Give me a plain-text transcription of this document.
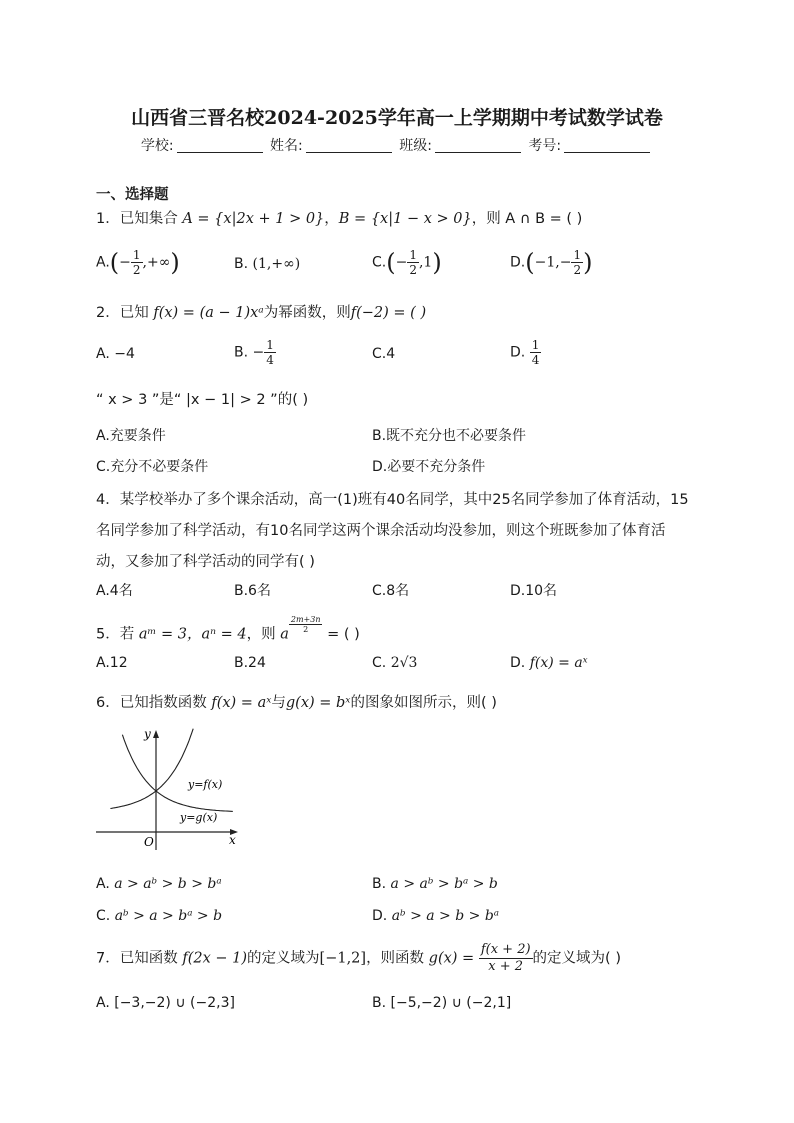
山西省三晋名校2024-2025学年高一上学期期中考试数学试卷
学校:	姓名:	班级:	考号:
一、选择题
1．已知集合 A = {x|2x + 1 > 0}，B = {x|1 − x > 0}，则 A ∩ B = ( )
$A.(- \frac{1}{2}$ ,+∞)	B. (1,+∞)	$C.(- \frac{1}{2} ,1)$	$D.(-1,- \frac{1}{2}$ )
2．已知 f(x) = (a − 1)xᵃ为幂函数，则f(−2) = ( )
A. −4	B. − $\frac{1}{4}$	C.4	D. $\frac{1}{4}$
“ x > 3 ”是“ |x − 1| > 2 ”的( )
A.充要条件	B.既不充分也不必要条件
C.充分不必要条件	D.必要不充分条件
4．某学校举办了多个课余活动，高一(1)班有40名同学，其中25名同学参加了体育活动，15
名同学参加了科学活动，有10名同学这两个课余活动均没参加，则这个班既参加了体育活
动，又参加了科学活动的同学有( )
A.4名	B.6名	C.8名	D.10名
5．若 aᵐ = 3，aⁿ = 4，则 a
$\frac{2m+3n}{2}$
= ( )
A.12	B.24	C. 2√3	D. f(x) = aˣ
6．已知指数函数 f(x) = aˣ与g(x) = bˣ的图象如图所示，则( )
y
x
O
y=f(x)
y=g(x)
A. a > aᵇ > b > bᵃ	B. a > aᵇ > bᵃ > b
C. aᵇ > a > bᵃ > b	D. aᵇ > a > b > bᵃ
7．已知函数 f(2x − 1)的定义域为[−1,2]，则函数 $g(x) = \frac{f(x + 2)}{x + 2}$ 的定义域为( )
A. [−3,−2) ∪ (−2,3]	B. [−5,−2) ∪ (−2,1]
